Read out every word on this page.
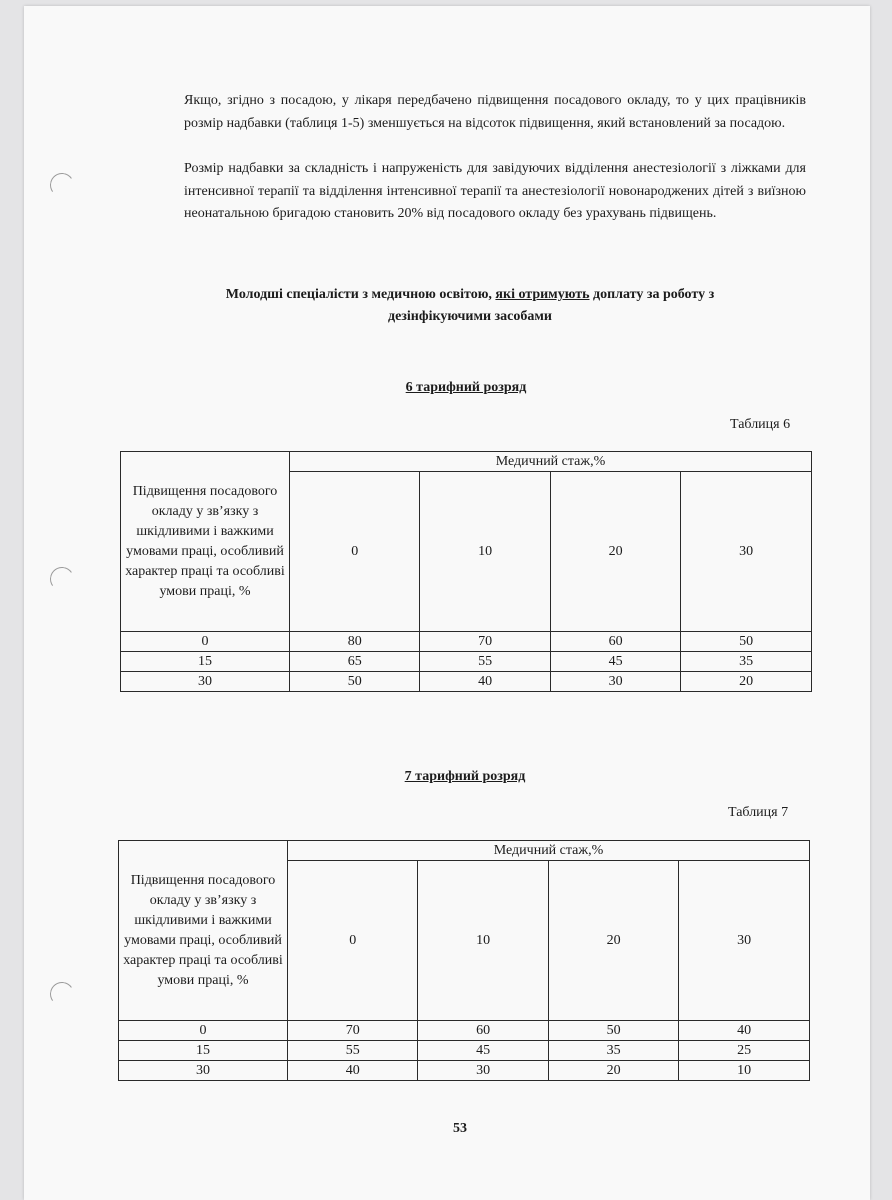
Якщо, згідно з посадою, у лікаря передбачено підвищення посадового окладу, то у цих працівників розмір надбавки (таблиця 1-5) зменшується на відсоток підвищення, який встановлений за посадою.
Розмір надбавки за складність і напруженість для завідуючих відділення анестезіології з ліжками для інтенсивної терапії та відділення інтенсивної терапії та анестезіології новонароджених дітей з виїзною неонатальною бригадою становить 20% від посадового окладу без урахувань підвищень.
Молодші спеціалісти з медичною освітою, які отримують доплату за роботу з
дезінфікуючими засобами
6 тарифний розряд
Таблиця 6
Підвищення посадового окладу у зв’язку з шкідливими і важкими умовами праці, особливий характер праці та особливі умови праці, %	Медичний стаж,%			
	0	10	20	30
0	80	70	60	50
15	65	55	45	35
30	50	40	30	20
7 тарифний розряд
Таблиця 7
Підвищення посадового окладу у зв’язку з шкідливими і важкими умовами праці, особливий характер праці та особливі умови праці, %	Медичний стаж,%			
	0	10	20	30
0	70	60	50	40
15	55	45	35	25
30	40	30	20	10
53
